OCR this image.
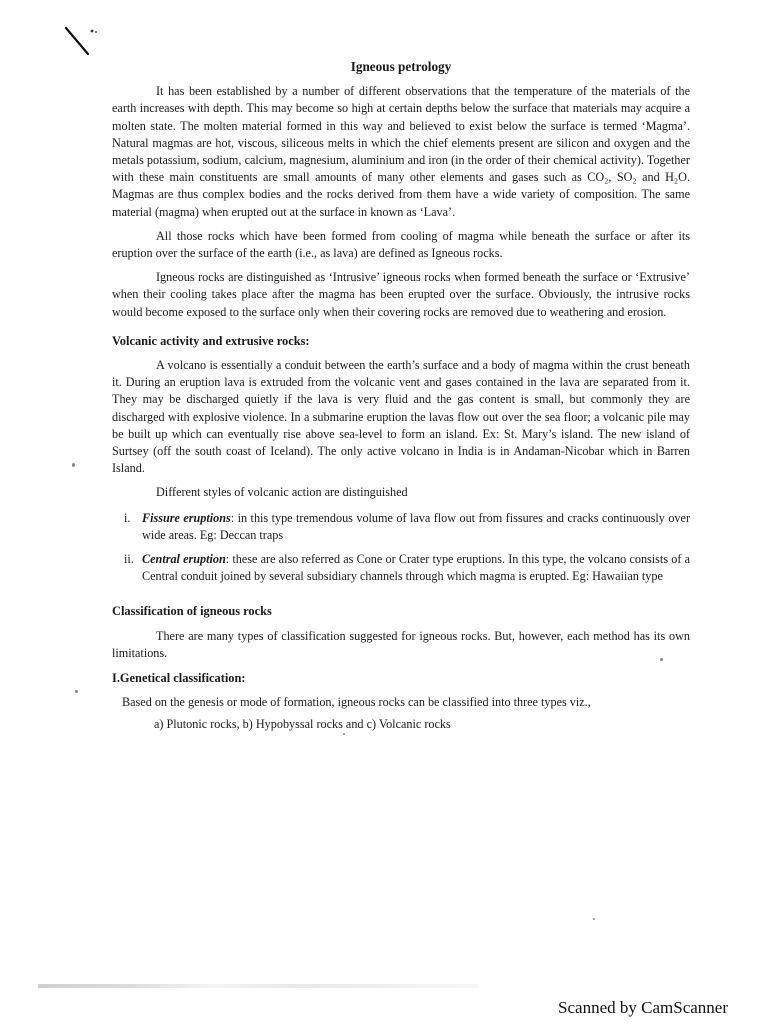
Igneous petrology

It has been established by a number of different observations that the temperature of the materials of the earth increases with depth. This may become so high at certain depths below the surface that materials may acquire a molten state. The molten material formed in this way and believed to exist below the surface is termed ‘Magma’. Natural magmas are hot, viscous, siliceous melts in which the chief elements present are silicon and oxygen and the metals potassium, sodium, calcium, magnesium, aluminium and iron (in the order of their chemical activity). Together with these main constituents are small amounts of many other elements and gases such as CO₂, SO₂ and H₂O. Magmas are thus complex bodies and the rocks derived from them have a wide variety of composition. The same material (magma) when erupted out at the surface in known as ‘Lava’.

All those rocks which have been formed from cooling of magma while beneath the surface or after its eruption over the surface of the earth (i.e., as lava) are defined as Igneous rocks.

Igneous rocks are distinguished as ‘Intrusive’ igneous rocks when formed beneath the surface or ‘Extrusive’ when their cooling takes place after the magma has been erupted over the surface. Obviously, the intrusive rocks would become exposed to the surface only when their covering rocks are removed due to weathering and erosion.

Volcanic activity and extrusive rocks:

A volcano is essentially a conduit between the earth’s surface and a body of magma within the crust beneath it. During an eruption lava is extruded from the volcanic vent and gases contained in the lava are separated from it. They may be discharged quietly if the lava is very fluid and the gas content is small, but commonly they are discharged with explosive violence. In a submarine eruption the lavas flow out over the sea floor; a volcanic pile may be built up which can eventually rise above sea-level to form an island. Ex: St. Mary’s island. The new island of Surtsey (off the south coast of Iceland). The only active volcano in India is in Andaman-Nicobar which in Barren Island.

Different styles of volcanic action are distinguished
i. Fissure eruptions: in this type tremendous volume of lava flow out from fissures and cracks continuously over wide areas. Eg: Deccan traps
ii. Central eruption: these are also referred as Cone or Crater type eruptions. In this type, the volcano consists of a Central conduit joined by several subsidiary channels through which magma is erupted. Eg: Hawaiian type
Classification of igneous rocks

There are many types of classification suggested for igneous rocks. But, however, each method has its own limitations.

I.Genetical classification:
Based on the genesis or mode of formation, igneous rocks can be classified into three types viz.,
a) Plutonic rocks, b) Hypobyssal rocks and c) Volcanic rocks
Scanned by CamScanner
